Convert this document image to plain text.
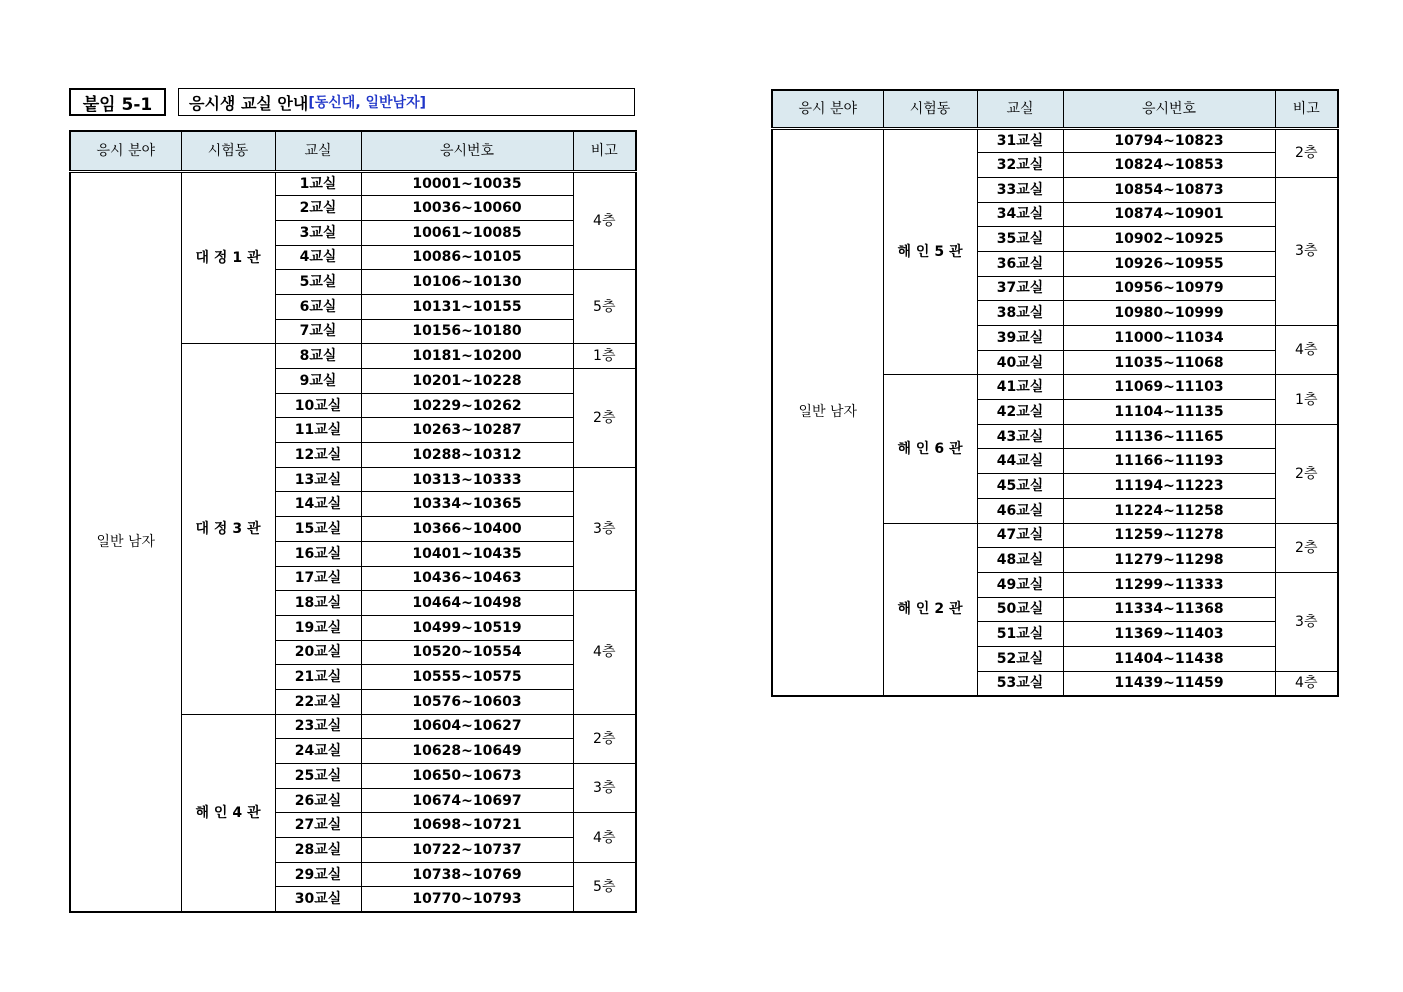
붙임 5-1 응시생 교실 안내 [동신대, 일반남자]
응시 분야	시험동	교실	응시번호	비고
일반 남자	대 정 1 관	1교실	10001~10035	4층
		2교실	10036~10060	
		3교실	10061~10085	
		4교실	10086~10105	
		5교실	10106~10130	5층
		6교실	10131~10155	
		7교실	10156~10180	
	대 정 3 관	8교실	10181~10200	1층
		9교실	10201~10228	2층
		10교실	10229~10262	
		11교실	10263~10287	
		12교실	10288~10312	
		13교실	10313~10333	3층
		14교실	10334~10365	
		15교실	10366~10400	
		16교실	10401~10435	
		17교실	10436~10463	
		18교실	10464~10498	4층
		19교실	10499~10519	
		20교실	10520~10554	
		21교실	10555~10575	
		22교실	10576~10603	
	해 인 4 관	23교실	10604~10627	2층
		24교실	10628~10649	
		25교실	10650~10673	3층
		26교실	10674~10697	
		27교실	10698~10721	4층
		28교실	10722~10737	
		29교실	10738~10769	5층
		30교실	10770~10793	
응시 분야	시험동	교실	응시번호	비고
일반 남자	해 인 5 관	31교실	10794~10823	2층
		32교실	10824~10853	
		33교실	10854~10873	3층
		34교실	10874~10901	
		35교실	10902~10925	
		36교실	10926~10955	
		37교실	10956~10979	
		38교실	10980~10999	
		39교실	11000~11034	4층
		40교실	11035~11068	
	해 인 6 관	41교실	11069~11103	1층
		42교실	11104~11135	
		43교실	11136~11165	2층
		44교실	11166~11193	
		45교실	11194~11223	
		46교실	11224~11258	
	해 인 2 관	47교실	11259~11278	2층
		48교실	11279~11298	
		49교실	11299~11333	3층
		50교실	11334~11368	
		51교실	11369~11403	
		52교실	11404~11438	
		53교실	11439~11459	4층
